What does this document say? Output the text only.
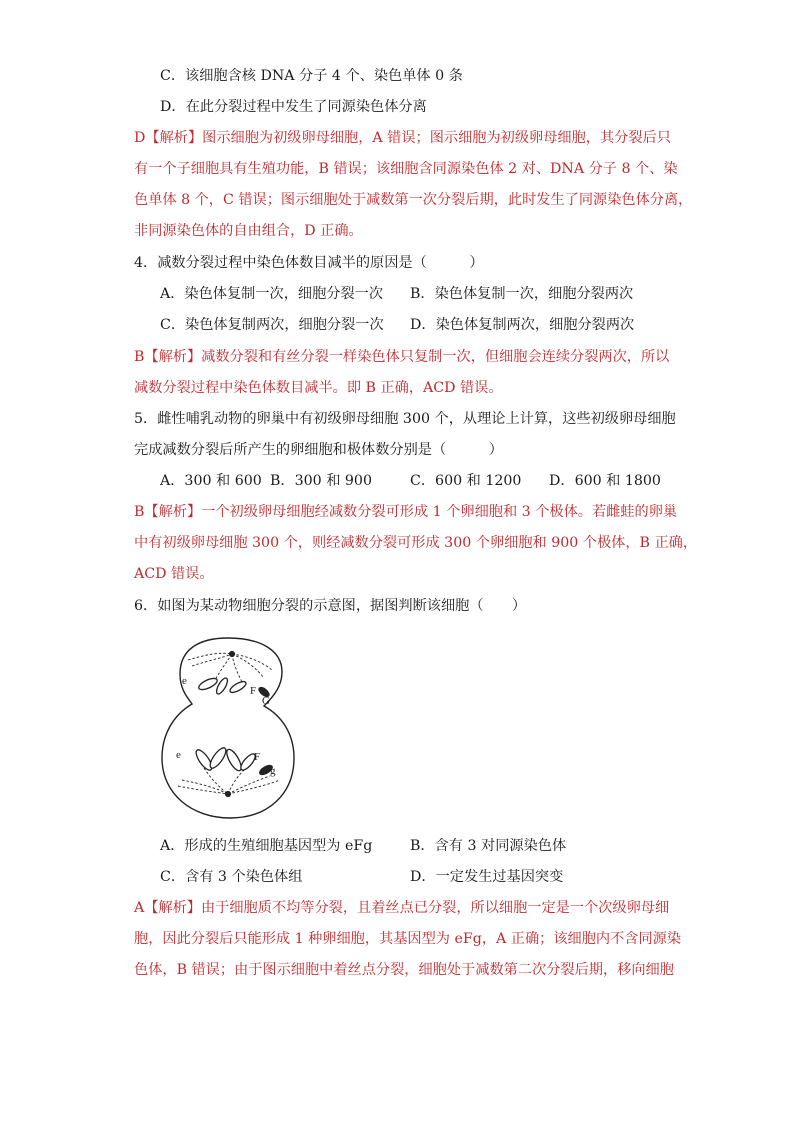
C．该细胞含核 DNA 分子 4 个、染色单体 0 条
D．在此分裂过程中发生了同源染色体分离
D【解析】图示细胞为初级卵母细胞，A 错误；图示细胞为初级卵母细胞，其分裂后只
有一个子细胞具有生殖功能，B 错误；该细胞含同源染色体 2 对、DNA 分子 8 个、染
色单体 8 个，C 错误；图示细胞处于减数第一次分裂后期，此时发生了同源染色体分离，
非同源染色体的自由组合，D 正确。
4．减数分裂过程中染色体数目减半的原因是（　　　）
A．染色体复制一次，细胞分裂一次 B．染色体复制一次，细胞分裂两次
C．染色体复制两次，细胞分裂一次 D．染色体复制两次，细胞分裂两次
B【解析】减数分裂和有丝分裂一样染色体只复制一次，但细胞会连续分裂两次，所以
减数分裂过程中染色体数目减半。即 B 正确，ACD 错误。
5．雌性哺乳动物的卵巢中有初级卵母细胞 300 个，从理论上计算，这些初级卵母细胞
完成减数分裂后所产生的卵细胞和极体数分别是（　　　）
A．300 和 600 B．300 和 900	C．600 和 1200 D．600 和 1800
B【解析】一个初级卵母细胞经减数分裂可形成 1 个卵细胞和 3 个极体。若雌蛙的卵巢
中有初级卵母细胞 300 个，则经减数分裂可形成 300 个卵细胞和 900 个极体，B 正确，
ACD 错误。
6．如图为某动物细胞分裂的示意图，据图判断该细胞（　　）
e
F
G
e	F
g
A．形成的生殖细胞基因型为 eFg	B．含有 3 对同源染色体
C．含有 3 个染色体组	D．一定发生过基因突变
A【解析】由于细胞质不均等分裂，且着丝点已分裂，所以细胞一定是一个次级卵母细
胞，因此分裂后只能形成 1 种卵细胞，其基因型为 eFg，A 正确；该细胞内不含同源染
色体，B 错误；由于图示细胞中着丝点分裂，细胞处于减数第二次分裂后期，移向细胞
